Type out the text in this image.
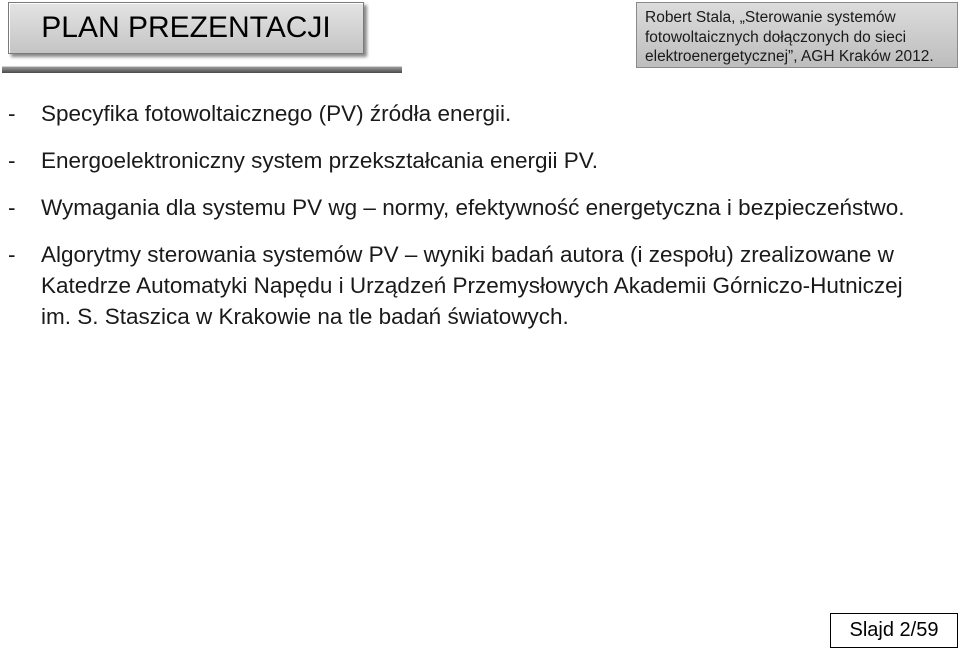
PLAN PREZENTACJI	Robert Stala, „Sterowanie systemów
fotowoltaicznych dołączonych do sieci
elektroenergetycznej”, AGH Kraków 2012.
-	Specyfika fotowoltaicznego (PV) źródła energii.
-	Energoelektroniczny system przekształcania energii PV.
-	Wymagania dla systemu PV wg – normy, efektywność energetyczna i bezpieczeństwo.
-	Algorytmy sterowania systemów PV – wyniki badań autora (i zespołu) zrealizowane w Katedrze Automatyki Napędu i Urządzeń Przemysłowych Akademii Górniczo-Hutniczej im. S. Staszica w Krakowie na tle badań światowych.
Slajd 2/59
